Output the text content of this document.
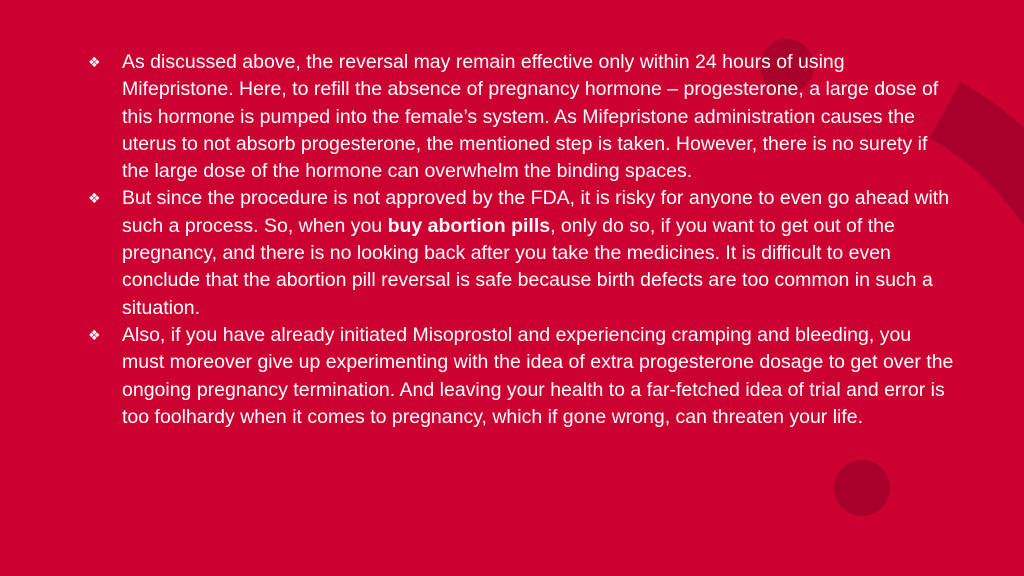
❖ As discussed above, the reversal may remain effective only within 24 hours of using Mifepristone. Here, to refill the absence of pregnancy hormone – progesterone, a large dose of this hormone is pumped into the female’s system. As Mifepristone administration causes the uterus to not absorb progesterone, the mentioned step is taken. However, there is no surety if the large dose of the hormone can overwhelm the binding spaces.
❖ But since the procedure is not approved by the FDA, it is risky for anyone to even go ahead with such a process. So, when you buy abortion pills, only do so, if you want to get out of the pregnancy, and there is no looking back after you take the medicines. It is difficult to even conclude that the abortion pill reversal is safe because birth defects are too common in such a situation.
❖ Also, if you have already initiated Misoprostol and experiencing cramping and bleeding, you must moreover give up experimenting with the idea of extra progesterone dosage to get over the ongoing pregnancy termination. And leaving your health to a far-fetched idea of trial and error is too foolhardy when it comes to pregnancy, which if gone wrong, can threaten your life.
